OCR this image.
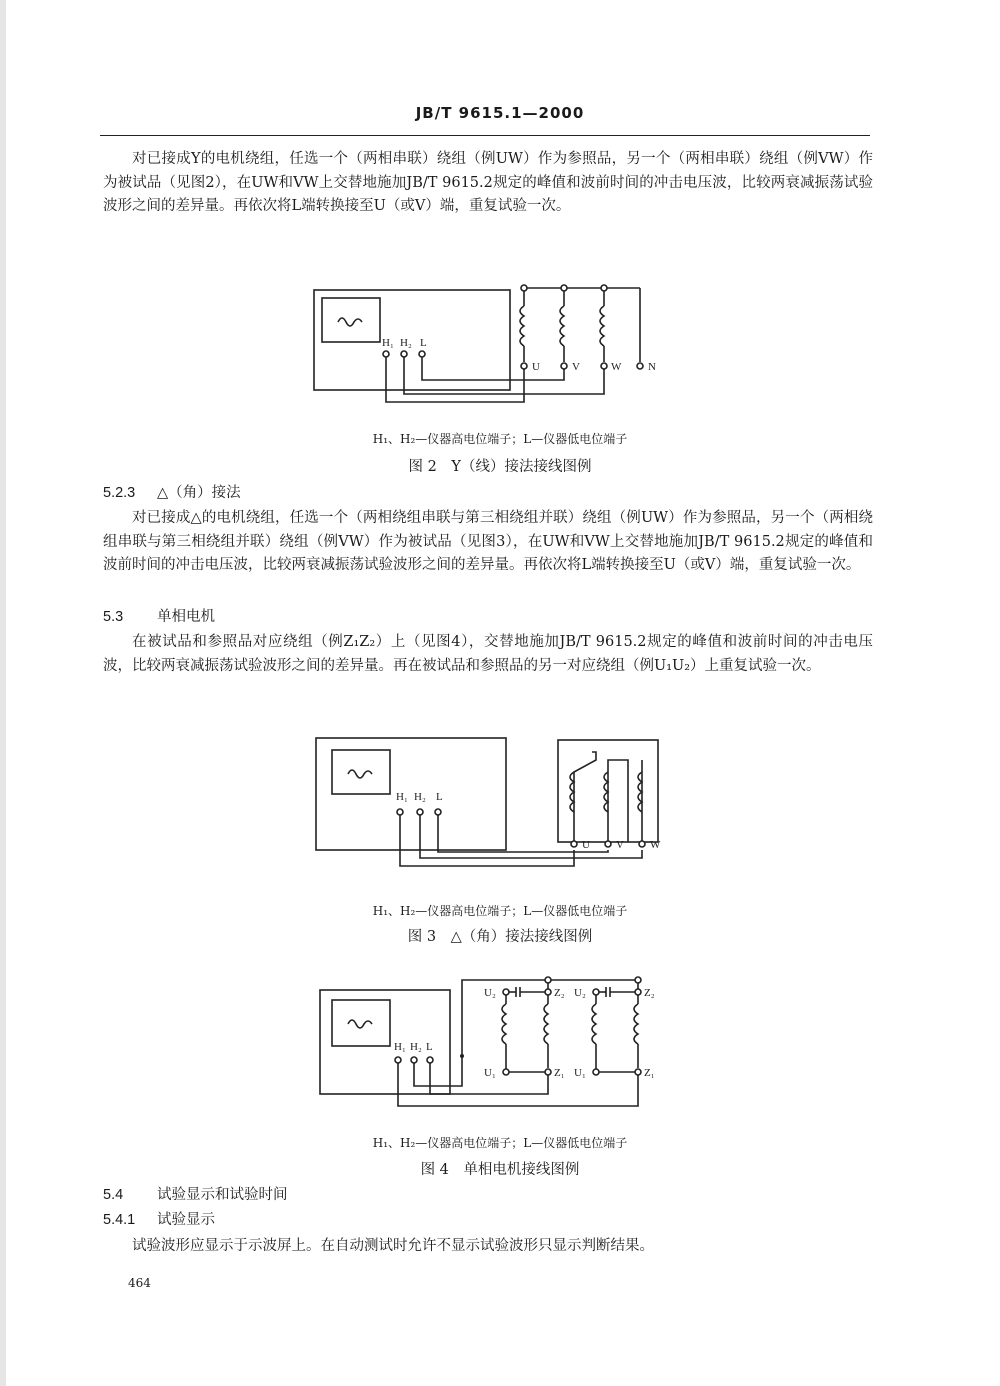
JB/T 9615.1—2000

对已接成Y的电机绕组，任选一个（两相串联）绕组（例UW）作为参照品，另一个（两相串联）绕组（例VW）作为被试品（见图2），在UW和VW上交替地施加JB/T 9615.2规定的峰值和波前时间的冲击电压波，比较两衰减振荡试验波形之间的差异量。再依次将L端转换接至U（或V）端，重复试验一次。

H₁ H₂ L
U	V	W N

H₁、H₂—仪器高电位端子；L—仪器低电位端子

图 2　Y（线）接法接线图例

5.2.3 △（角）接法

对已接成△的电机绕组，任选一个（两相绕组串联与第三相绕组并联）绕组（例UW）作为参照品，另一个（两相绕组串联与第三相绕组并联）绕组（例VW）作为被试品（见图3），在UW和VW上交替地施加JB/T 9615.2规定的峰值和波前时间的冲击电压波，比较两衰减振荡试验波形之间的差异量。再依次将L端转换接至U（或V）端，重复试验一次。

5.3 单相电机

在被试品和参照品对应绕组（例Z₁Z₂）上（见图4），交替地施加JB/T 9615.2规定的峰值和波前时间的冲击电压波，比较两衰减振荡试验波形之间的差异量。再在被试品和参照品的另一对应绕组（例U₁U₂）上重复试验一次。

H₁ H₂ L
U V W

H₁、H₂—仪器高电位端子；L—仪器低电位端子

图 3　△（角）接法接线图例

H₁ H₂ L
U₂	Z₂ U₂	Z₂
U₁	Z₁ U₁	Z₁

H₁、H₂—仪器高电位端子；L—仪器低电位端子

图 4　单相电机接线图例

5.4 试验显示和试验时间

5.4.1 试验显示

试验波形应显示于示波屏上。在自动测试时允许不显示试验波形只显示判断结果。

464
